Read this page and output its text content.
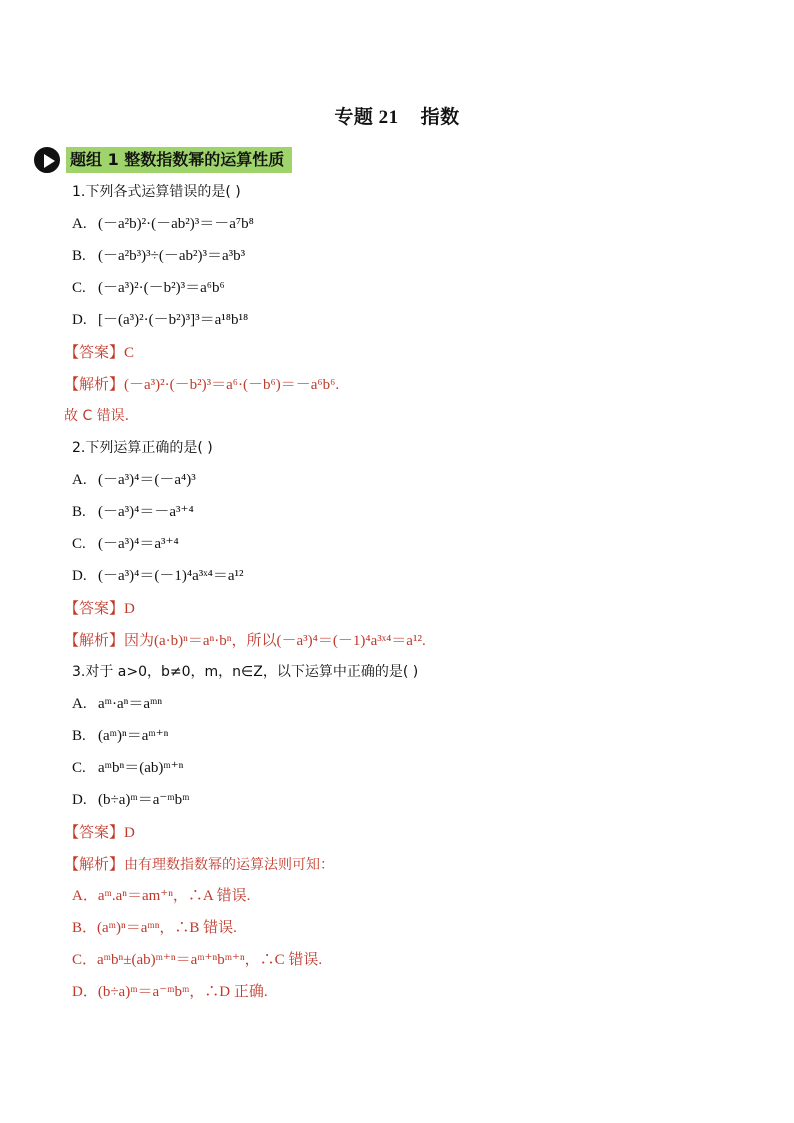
专题 21 指数
题组 1 整数指数幂的运算性质
1.下列各式运算错误的是( )
A. (－a²b)²·(－ab²)³＝－a⁷b⁸
B. (－a²b³)³÷(－ab²)³＝a³b³
C. (－a³)²·(－b²)³＝a⁶b⁶
D. [－(a³)²·(－b²)³]³＝a¹⁸b¹⁸
【答案】C
【解析】(－a³)²·(－b²)³＝a⁶·(－b⁶)＝－a⁶b⁶.
故 C 错误.
2.下列运算正确的是( )
A. (－a³)⁴＝(－a⁴)³
B. (－a³)⁴＝－a³⁺⁴
C. (－a³)⁴＝a³⁺⁴
D. (－a³)⁴＝(－1)⁴a³ˣ⁴＝a¹²
【答案】D
【解析】因为(a·b)ⁿ＝aⁿ·bⁿ，所以(－a³)⁴＝(－1)⁴a³ˣ⁴＝a¹².
3.对于 a>0，b≠0，m，n∈Z，以下运算中正确的是( )
A. aᵐ·aⁿ＝aᵐⁿ
B. (aᵐ)ⁿ＝aᵐ⁺ⁿ
C. aᵐbⁿ＝(ab)ᵐ⁺ⁿ
D. (b÷a)ᵐ＝a⁻ᵐbᵐ
【答案】D
【解析】由有理数指数幂的运算法则可知：
A．aᵐ.aⁿ＝am⁺ⁿ，∴A 错误.
B．(aᵐ)ⁿ＝aᵐⁿ，∴B 错误.
C．aᵐbⁿ±(ab)ᵐ⁺ⁿ＝aᵐ⁺ⁿbᵐ⁺ⁿ，∴C 错误.
D．(b÷a)ᵐ＝a⁻ᵐbᵐ，∴D 正确.
